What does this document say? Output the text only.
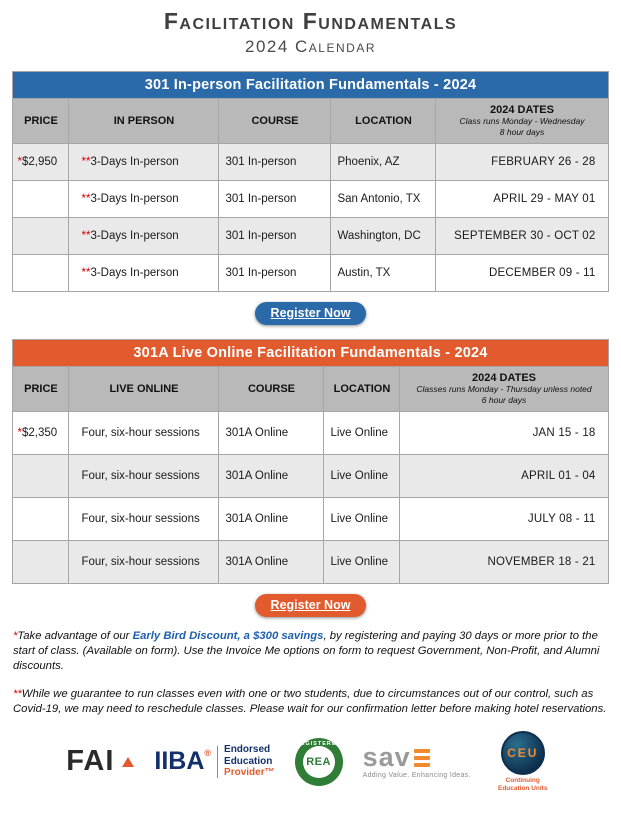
Facilitation Fundamentals
2024 Calendar
301 In-person Facilitation Fundamentals - 2024				
PRICE	IN PERSON	COURSE	LOCATION	2024 DATES
Class runs Monday - Wednesday
8 hour days

*$2,950	**3-Days In-person	301 In-person	Phoenix, AZ	FEBRUARY 26 - 28
	**3-Days In-person	301 In-person	San Antonio, TX	APRIL 29 - MAY 01
	**3-Days In-person	301 In-person	Washington, DC	SEPTEMBER 30 - OCT 02
	**3-Days In-person	301 In-person	Austin, TX	DECEMBER 09 - 11
Register Now
301A Live Online Facilitation Fundamentals - 2024				
PRICE	LIVE ONLINE	COURSE	LOCATION	2024 DATES
Classes runs Monday - Thursday unless noted
6 hour days

*$2,350	Four, six-hour sessions	301A Online	Live Online	JAN 15 - 18
	Four, six-hour sessions	301A Online	Live Online	APRIL 01 - 04
	Four, six-hour sessions	301A Online	Live Online	JULY 08 - 11
	Four, six-hour sessions	301A Online	Live Online	NOVEMBER 18 - 21
Register Now

*Take advantage of our Early Bird Discount, a $300 savings, by registering and paying 30 days or more prior to the start of class. (Available on form). Use the Invoice Me options on form to request Government, Non-Profit, and Alumni discounts.

**While we guarantee to run classes even with one or two students, due to circumstances out of our control, such as Covid-19, we may need to reschedule classes. Please wait for our confirmation letter before making hotel reservations.

FAI IIBA® Endorsed
Education
Provider™
REGISTERED
REA sav
Adding Value. Enhancing Ideas.
CEU
Continuing Education Units
